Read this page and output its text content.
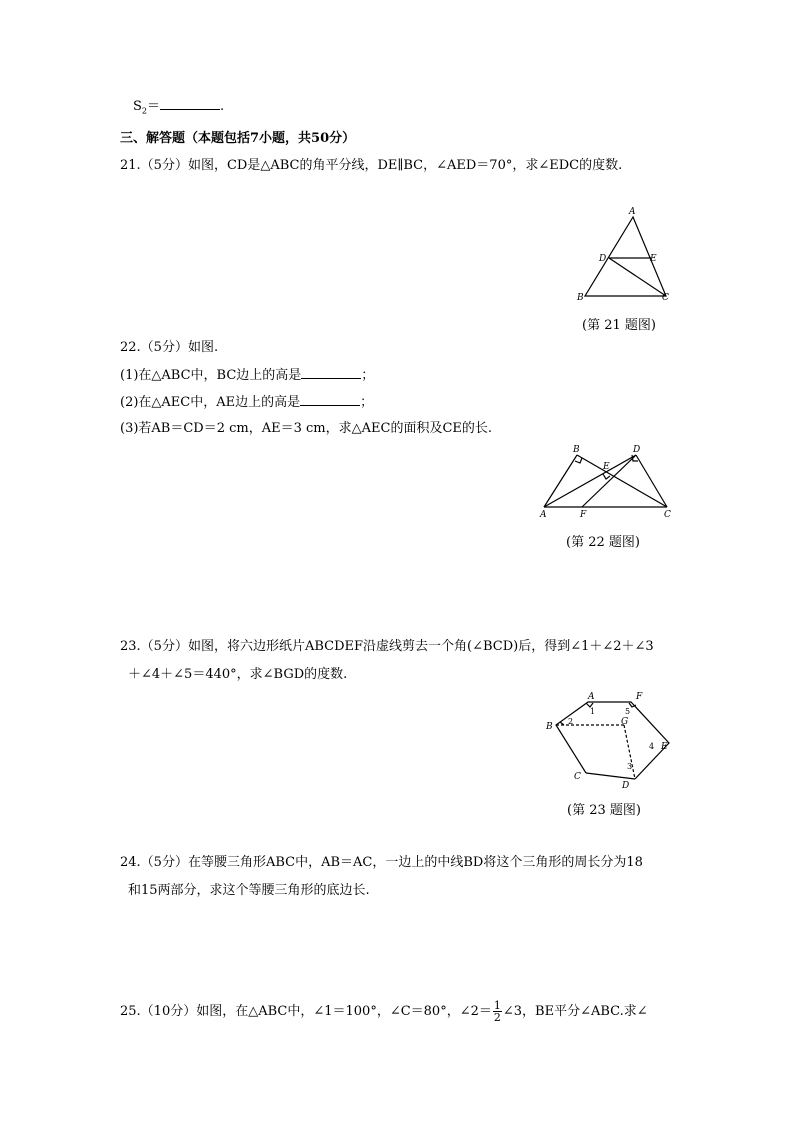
$S_2=$	.
三、解答题（本题包括7小题，共50分）
21.（5分）如图，CD是△ABC的角平分线，DE∥BC，∠AED＝70°，求∠EDC的度数.
A
D	E
B	C
(第 21 题图)
22.（5分）如图.
(1)在△ABC中，BC边上的高是	；
(2)在△AEC中，AE边上的高是	；
(3)若AB＝CD＝2 cm，AE＝3 cm，求△AEC的面积及CE的长.
B	D
E
A	F	C
(第 22 题图)
23.（5分）如图，将六边形纸片ABCDEF沿虚线剪去一个角(∠BCD)后，得到∠1＋∠2＋∠3
＋∠4＋∠5＝440°，求∠BGD的度数.
A	F
B	G
E
C
D
1
2
3
4
5
(第 23 题图)
24.（5分）在等腰三角形ABC中，AB＝AC，一边上的中线BD将这个三角形的周长分为18
和15两部分，求这个等腰三角形的底边长.
25.（10分）如图，在△ABC中，∠1＝100°，∠C＝80°，∠2＝ $\frac{1}{2}$ ∠3，BE平分∠ABC.求∠
